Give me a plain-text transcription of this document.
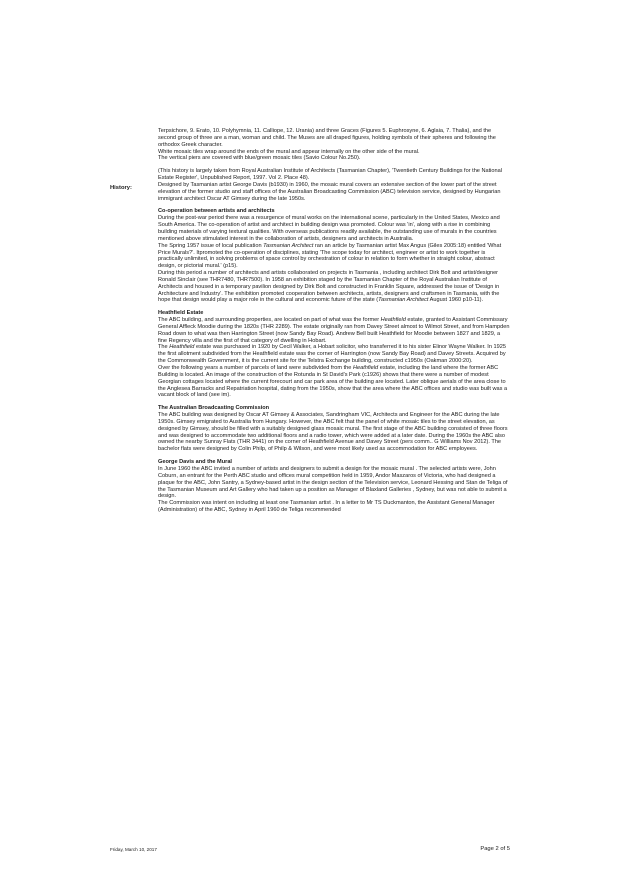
History:

Terpsichore, 9. Erato, 10. Polyhymnia, 11. Calliope, 12. Urania) and three Graces (Figures 5. Euphrosyne, 6. Aglaia, 7. Thalia), and the second group of three are a man, woman and child. The Muses are all draped figures, holding symbols of their spheres and following the orthodox Greek character.

White mosaic tiles wrap around the ends of the mural and appear internally on the other side of the mural.

The vertical piers are covered with blue/green mosaic tiles (Savio Colour No.250).

(This history is largely taken from Royal Australian Institute of Architects (Tasmanian Chapter), 'Twentieth Century Buildings for the National Estate Register', Unpublished Report, 1997. Vol 2. Place 48).

Designed by Tasmanian artist George Davis (b1930) in 1960, the mosaic mural covers an extensive section of the lower part of the street elevation of the former studio and staff offices of the Australian Broadcasting Commission (ABC) television service, designed by Hungarian immigrant architect Oscar AT Gimsey during the late 1950s.

Co-operation between artists and architects

During the post-war period there was a resurgence of mural works on the international scene, particularly in the United States, Mexico and South America. The co-operation of artist and architect in building design was promoted. Colour was 'in', along with a rise in combining building materials of varying textural qualities. With overseas publications readily available, the outstanding use of murals in the countries mentioned above stimulated interest in the collaboration of artists, designers and architects in Australia.

The Spring 1957 issue of local publication Tasmanian Architect ran an article by Tasmanian artist Max Angus (Giles 2005:18) entitled 'What Price Murals?'. Itpromoted the co-operation of disciplines, stating 'The scope today for architect, engineer or artist to work together is practically unlimited, in solving problems of space control by orchestration of colour in relation to form whether in straight colour, abstract design, or pictorial mural.' (p15).

During this period a number of architects and artists collaborated on projects in Tasmania , including architect Dirk Bolt and artist/designer Ronald Sinclair (see THR7480, THR7500). In 1958 an exhibition staged by the Tasmanian Chapter of the Royal Australian Institute of Architects and housed in a temporary pavilion designed by Dirk Bolt and constructed in Franklin Square, addressed the issue of 'Design in Architecture and Industry'. The exhibition promoted cooperation between architects, artists, designers and craftsmen in Tasmania, with the hope that design would play a major role in the cultural and economic future of the state (Tasmanian Architect August 1960 p10-11).

Heathfield Estate

The ABC building, and surrounding properties, are located on part of what was the former Heathfield estate, granted to Assistant Commissary General Affleck Moodie during the 1820s (THR 2289). The estate originally ran from Davey Street almost to Wilmot Street, and from Hampden Road down to what was then Harrington Street (now Sandy Bay Road). Andrew Bell built Heathfield for Moodie between 1827 and 1829, a fine Regency villa and the first of that category of dwelling in Hobart.

The Heathfield estate was purchased in 1920 by Cecil Walker, a Hobart solicitor, who transferred it to his sister Elinor Wayne Walker. In 1925 the first allotment subdivided from the Heathfield estate was the corner of Harrington (now Sandy Bay Road) and Davey Streets. Acquired by the Commonwealth Government, it is the current site for the Telstra Exchange building, constructed c1950s (Oakman 2000:20).

Over the following years a number of parcels of land were subdivided from the Heathfield estate, including the land where the former ABC Building is located. An image of the construction of the Rotunda in St David's Park (c1926) shows that there were a number of modest Georgian cottages located where the current forecourt and car park area of the building are located. Later oblique aerials of the area close to the Anglesea Barracks and Repatriation hospital, dating from the 1950s, show that the area where the ABC offices and studio was built was a vacant block of land (see im).

The Australian Broadcasting Commission

The ABC building was designed by Oscar AT Gimsey & Associates, Sandringham VIC, Architects and Engineer for the ABC during the late 1950s. Gimsey emigrated to Australia from Hungary. However, the ABC felt that the panel of white mosaic tiles to the street elevation, as designed by Gimsey, should be filled with a suitably designed glass mosaic mural. The first stage of the ABC building consisted of three floors and was designed to accommodate two additional floors and a radio tower, which were added at a later date. During the 1960s the ABC also owned the nearby Sunray Flats (THR 3441) on the corner of Heathfield Avenue and Davey Street (pers comm.. G Williams Nov 2012). The bachelor flats were designed by Colin Philp, of Philp & Wilson, and were most likely used as accommodation for ABC employees.

George Davis and the Mural

In June 1960 the ABC invited a number of artists and designers to submit a design for the mosaic mural . The selected artists were, John Coburn, an entrant for the Perth ABC studio and offices mural competition held in 1959, Andor Maszaros of Victoria, who had designed a plaque for the ABC, John Santry, a Sydney-based artist in the design section of the Television service, Leonard Hessing and Stan de Teliga of the Tasmanian Museum and Art Gallery who had taken up a position as Manager of Blaxland Galleries , Sydney, but was not able to submit a design.

The Commission was intent on including at least one Tasmanian artist . In a letter to Mr TS Duckmanton, the Assistant General Manager (Administration) of the ABC, Sydney in April 1960 de Teliga recommended

Friday, March 10, 2017	Page 2 of 5
